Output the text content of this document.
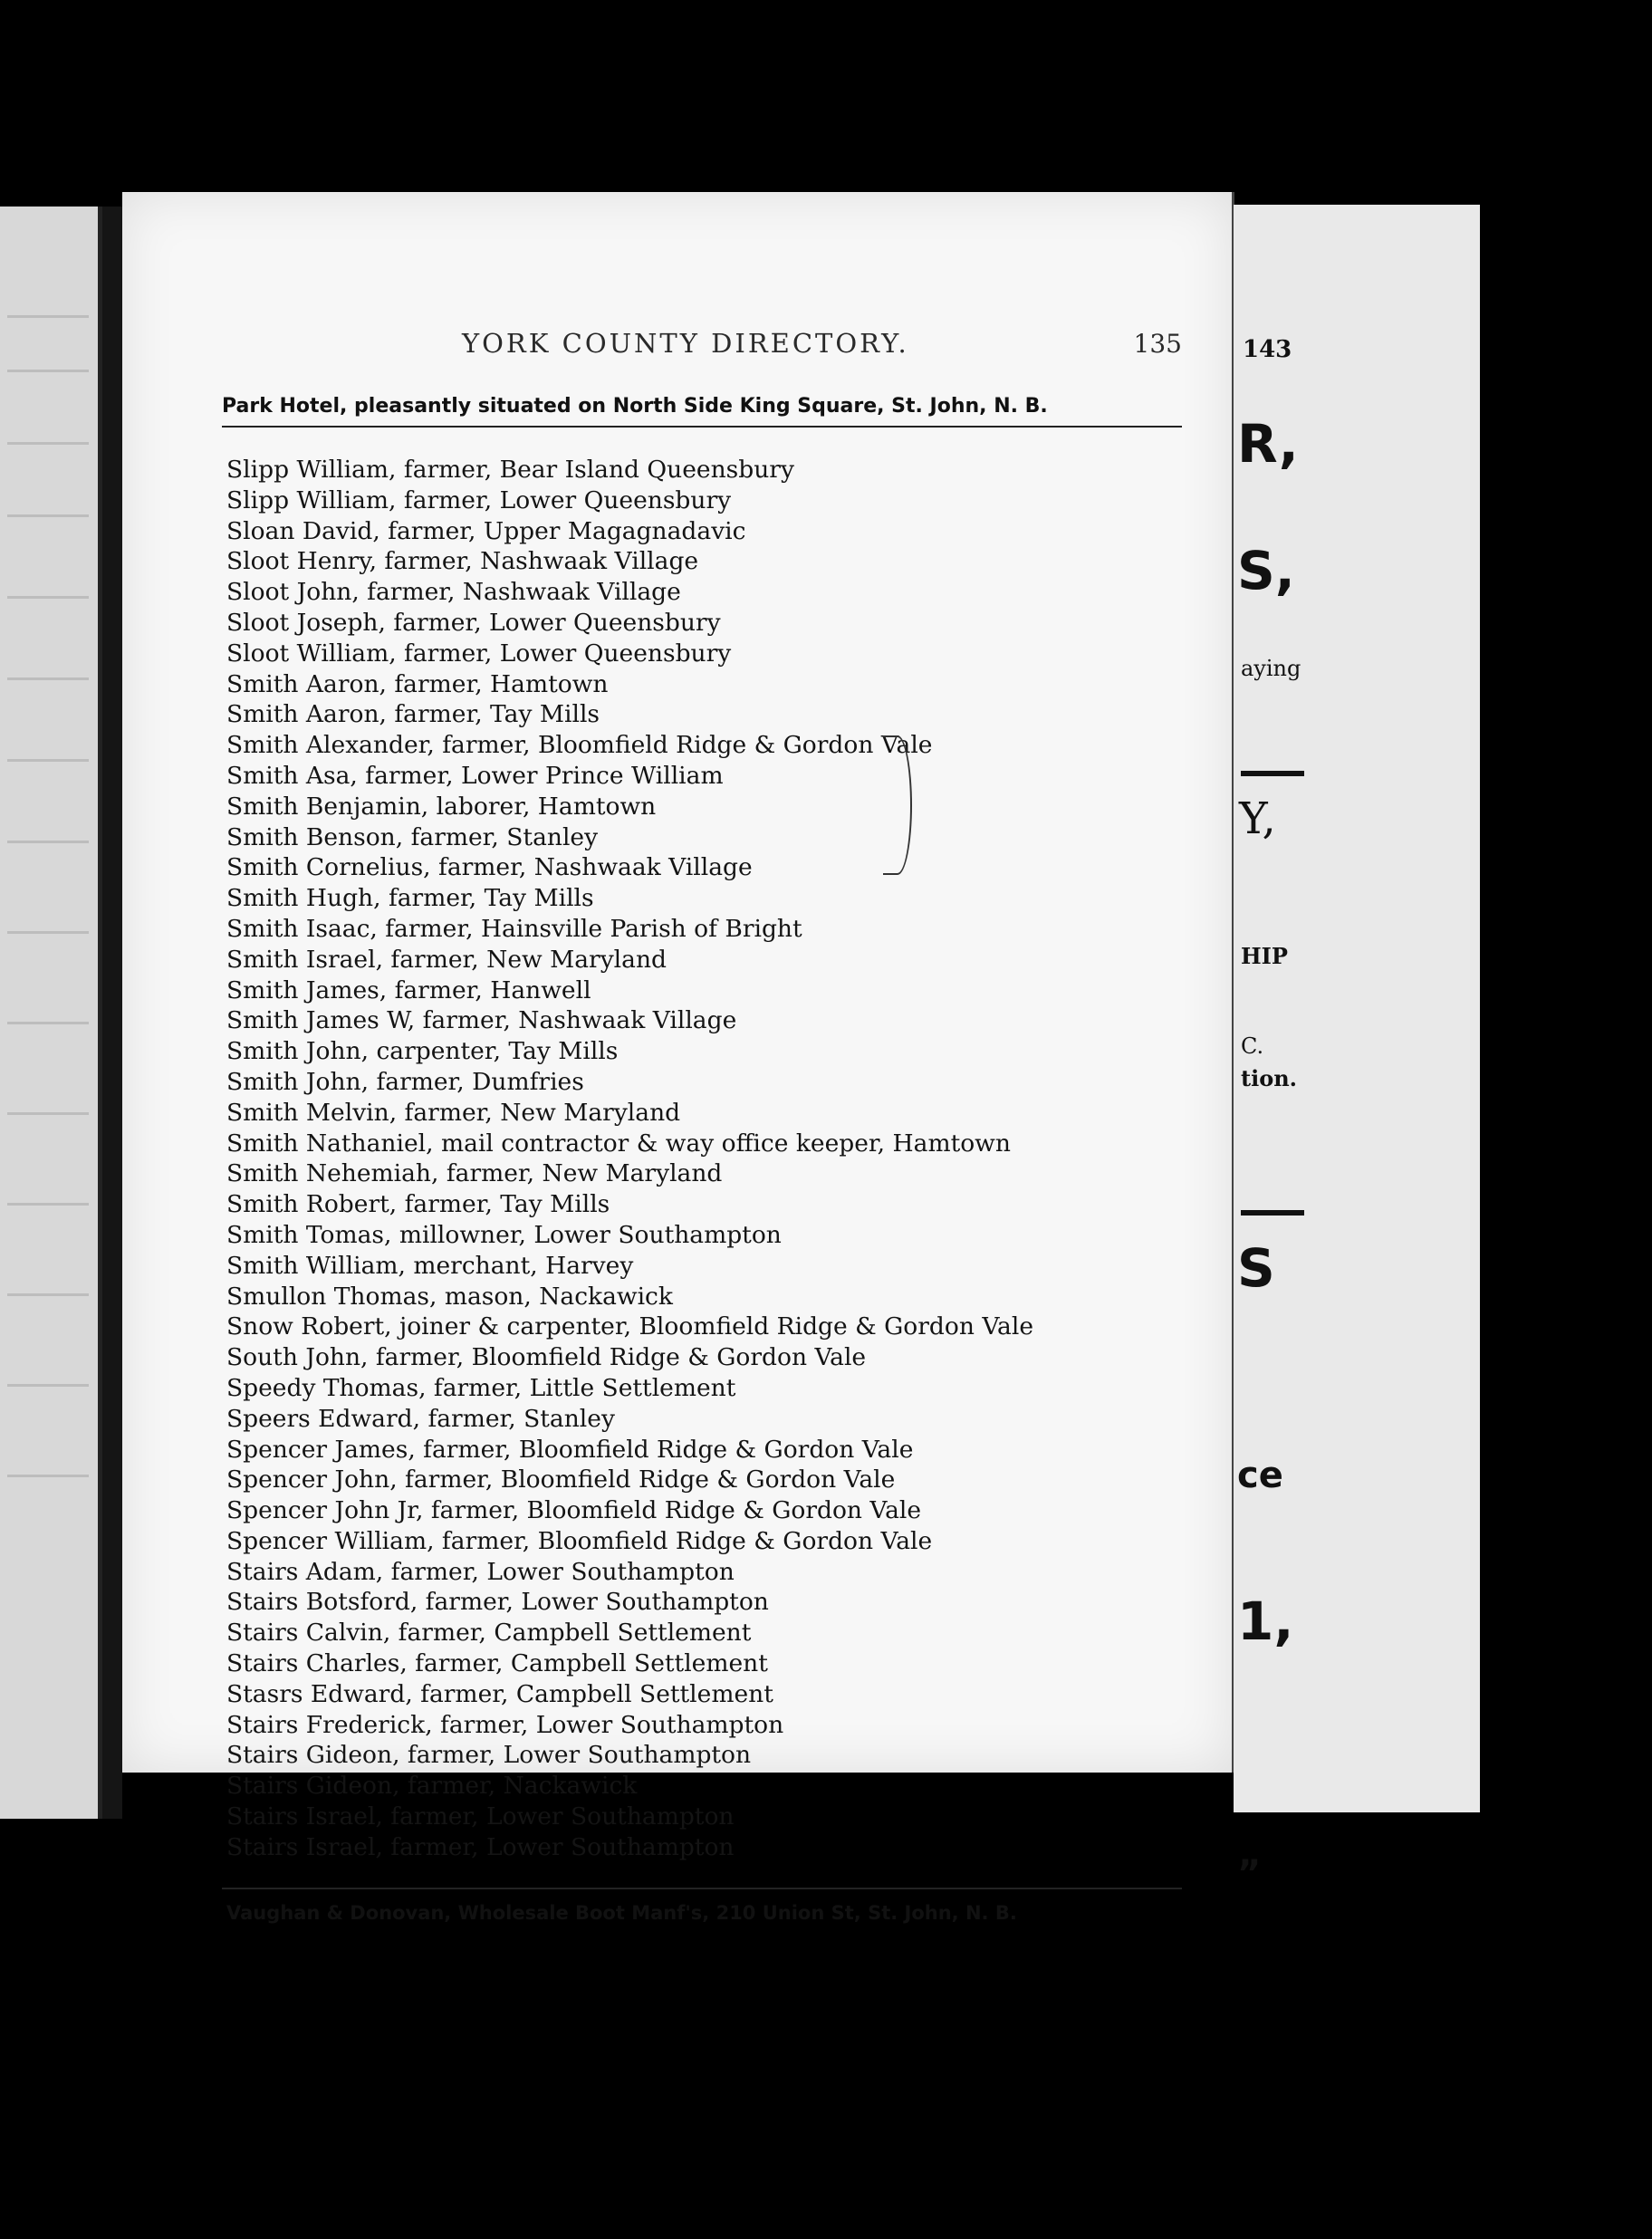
YORK COUNTY DIRECTORY.	135
Park Hotel, pleasantly situated on North Side King Square, St. John, N. B.
Slipp William, farmer, Bear Island Queensbury
Slipp William, farmer, Lower Queensbury
Sloan David, farmer, Upper Magagnadavic
Sloot Henry, farmer, Nashwaak Village
Sloot John, farmer, Nashwaak Village
Sloot Joseph, farmer, Lower Queensbury
Sloot William, farmer, Lower Queensbury
Smith Aaron, farmer, Hamtown
Smith Aaron, farmer, Tay Mills
Smith Alexander, farmer, Bloomfield Ridge & Gordon Vale
Smith Asa, farmer, Lower Prince William
Smith Benjamin, laborer, Hamtown
Smith Benson, farmer, Stanley
Smith Cornelius, farmer, Nashwaak Village
Smith Hugh, farmer, Tay Mills
Smith Isaac, farmer, Hainsville Parish of Bright
Smith Israel, farmer, New Maryland
Smith James, farmer, Hanwell
Smith James W, farmer, Nashwaak Village
Smith John, carpenter, Tay Mills
Smith John, farmer, Dumfries
Smith Melvin, farmer, New Maryland
Smith Nathaniel, mail contractor & way office keeper, Hamtown
Smith Nehemiah, farmer, New Maryland
Smith Robert, farmer, Tay Mills
Smith Tomas, millowner, Lower Southampton
Smith William, merchant, Harvey
Smullon Thomas, mason, Nackawick
Snow Robert, joiner & carpenter, Bloomfield Ridge & Gordon Vale
South John, farmer, Bloomfield Ridge & Gordon Vale
Speedy Thomas, farmer, Little Settlement
Speers Edward, farmer, Stanley
Spencer James, farmer, Bloomfield Ridge & Gordon Vale
Spencer John, farmer, Bloomfield Ridge & Gordon Vale
Spencer John Jr, farmer, Bloomfield Ridge & Gordon Vale
Spencer William, farmer, Bloomfield Ridge & Gordon Vale
Stairs Adam, farmer, Lower Southampton
Stairs Botsford, farmer, Lower Southampton
Stairs Calvin, farmer, Campbell Settlement
Stairs Charles, farmer, Campbell Settlement
Stasrs Edward, farmer, Campbell Settlement
Stairs Frederick, farmer, Lower Southampton
Stairs Gideon, farmer, Lower Southampton
Stairs Gideon, farmer, Nackawick
Stairs Israel, farmer, Lower Southampton
Stairs Israel, farmer, Lower Southampton
Vaughan & Donovan, Wholesale Boot Manf's, 210 Union St, St. John, N. B.
143
R,
S,
aying
Y,
HIP
C.
tion.
S
ce
1,
”
